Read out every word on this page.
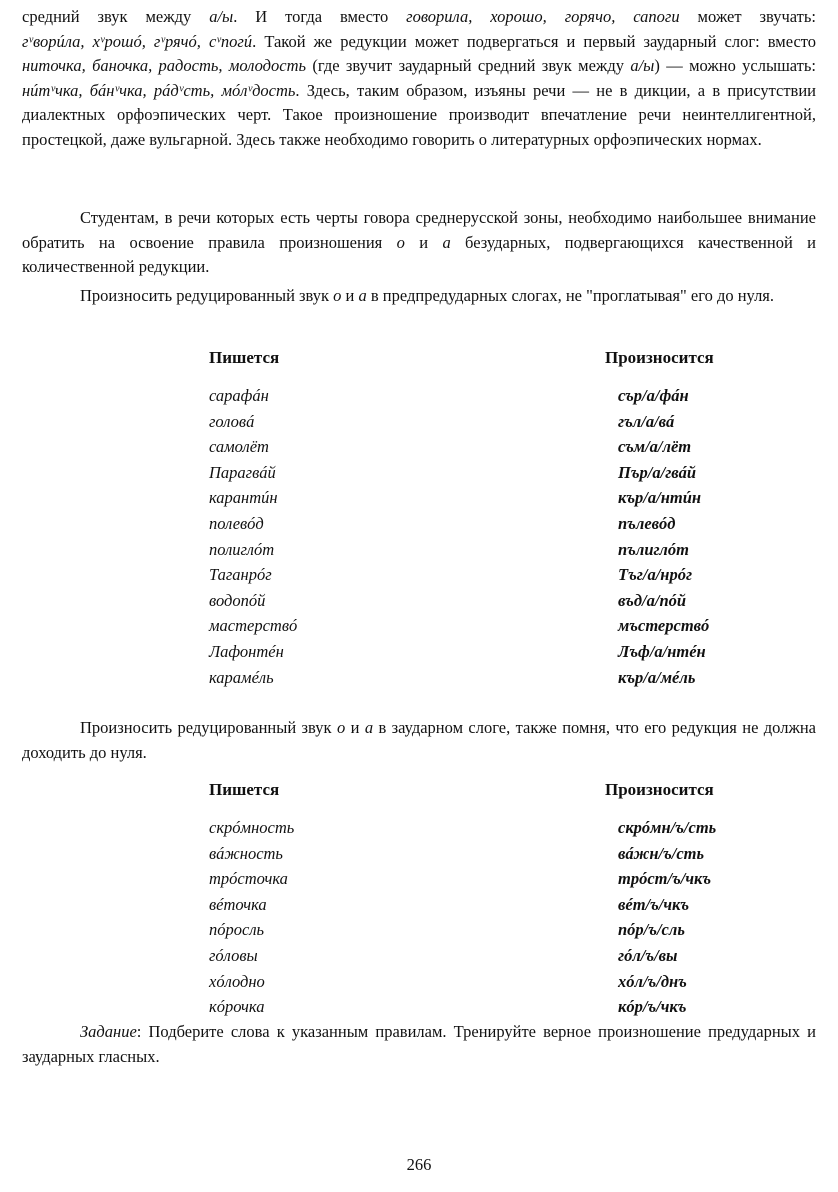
средний звук между а/ы. И тогда вместо говорила, хорошо, горячо, сапоги может звучать:
гᵛворúла, хᵛрошó, гᵛрячó, сᵛпогú. Такой же редукции может подвергаться и первый заударный слог: вместо ниточка, баночка, радость, молодость (где звучит заударный средний звук между а/ы) — можно услышать: нúтᵛчка, бáнᵛчка, рáдᵛсть, мóлᵛдость. Здесь, таким образом, изъяны речи — не в дикции, а в присутствии диалектных орфоэпических черт. Такое произношение производит впечатление речи неинтеллигентной, простецкой, даже вульгарной. Здесь также необходимо говорить о литературных орфоэпических нормах.
Студентам, в речи которых есть черты говора среднерусской зоны, необходимо наибольшее внимание обратить на освоение правила произношения о и а безударных, подвергающихся качественной и количественной редукции.
Произносить редуцированный звук о и а в предпредударных слогах, не "проглатывая" его до нуля.
Пишется	Произносится
сарафáн
головá
самолёт
Парагвáй
карантúн
полевóд
полиглóт
Таганрóг
водопóй
мастерствó
Лафонтéн
карамéль
сър/а/фáн
гъл/а/вá
съм/а/лёт
Пър/а/гвáй
кър/а/нтúн
пълевóд
пълиглóт
Тъг/а/нрóг
въд/а/пóй
мъстерствó
Лъф/а/нтéн
кър/а/мéль
Произносить редуцированный звук о и а в заударном слоге, также помня, что его редукция не должна доходить до нуля.
Пишется	Произносится
скрóмность
вáжность
трóсточка
вéточка
пóросль
гóловы
хóлодно
кóрочка
скрóмн/ъ/сть
вáжн/ъ/сть
трóст/ъ/чкъ
вéт/ъ/чкъ
пóр/ъ/сль
гóл/ъ/вы
хóл/ъ/днъ
кóр/ъ/чкъ
Задание: Подберите слова к указанным правилам. Тренируйте верное произношение предударных и заударных гласных.
266
